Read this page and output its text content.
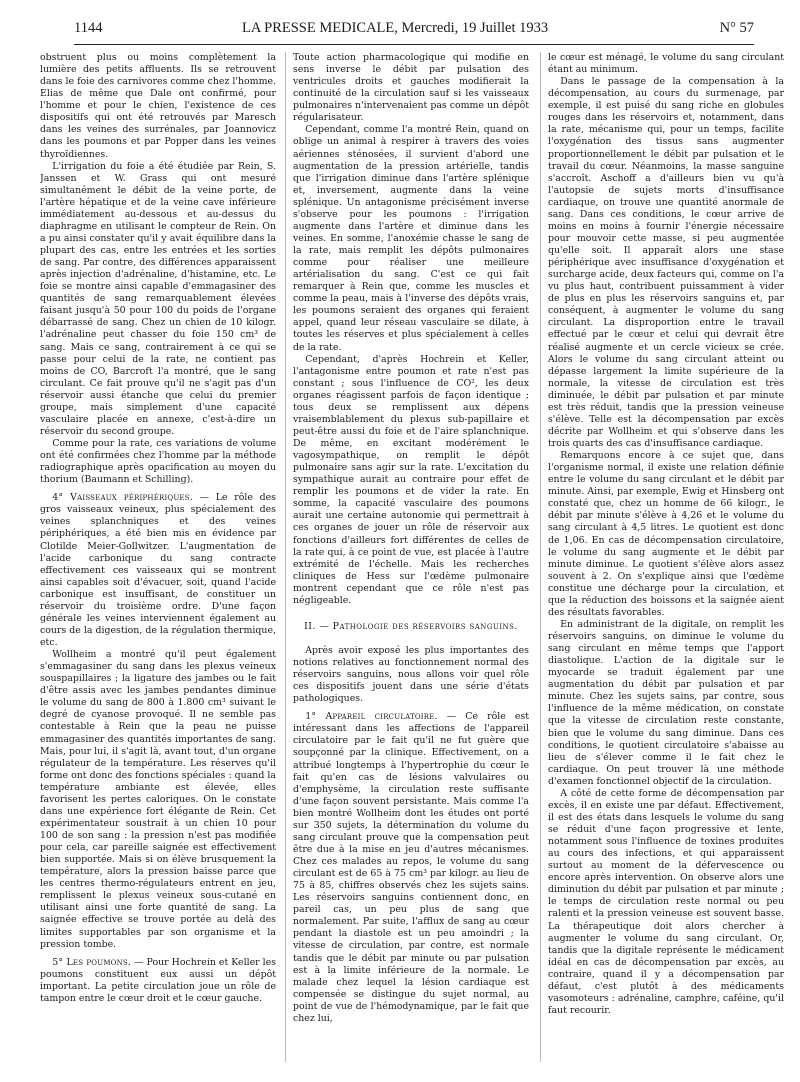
1144	LA PRESSE MEDICALE, Mercredi, 19 Juillet 1933	N° 57

obstruent plus ou moins complètement la lumière des petits affluents. Ils se retrouvent dans le foie des carnivores comme chez l'homme. Elias de même que Dale ont confirmé, pour l'homme et pour le chien, l'existence de ces dispositifs qui ont été retrouvés par Maresch dans les veines des surrénales, par Joannovicz dans les poumons et par Popper dans les veines thyroïdiennes.

L'irrigation du foie a été étudiée par Rein, S. Janssen et W. Grass qui ont mesuré simultanément le débit de la veine porte, de l'artère hépatique et de la veine cave inférieure immédiatement au-dessous et au-dessus du diaphragme en utilisant le compteur de Rein. On a pu ainsi constater qu'il y avait équilibre dans la plupart des cas, entre les entrées et les sorties de sang. Par contre, des différences apparaissent après injection d'adrénaline, d'histamine, etc. Le foie se montre ainsi capable d'emmagasiner des quantités de sang remarquablement élevées faisant jusqu'à 50 pour 100 du poids de l'organe débarrassé de sang. Chez un chien de 10 kilogr. l'adrénaline peut chasser du foie 150 cm³ de sang. Mais ce sang, contrairement à ce qui se passe pour celui de la rate, ne contient pas moins de CO, Barcroft l'a montré, que le sang circulant. Ce fait prouve qu'il ne s'agit pas d'un réservoir aussi étanche que celui du premier groupe, mais simplement d'une capacité vasculaire placée en annexe, c'est-à-dire un réservoir du second groupe.

Comme pour la rate, ces variations de volume ont été confirmées chez l'homme par la méthode radiographique après opacification au moyen du thorium (Baumann et Schilling).

4° Vaisseaux périphériques. — Le rôle des gros vaisseaux veineux, plus spécialement des veines splanchniques et des veines périphériques, a été bien mis en évidence par Clotilde Meier-Gollwitzer. L'augmentation de l'acide carbonique du sang contracte effectivement ces vaisseaux qui se montrent ainsi capables soit d'évacuer, soit, quand l'acide carbonique est insuffisant, de constituer un réservoir du troisième ordre. D'une façon générale les veines interviennent également au cours de la digestion, de la régulation thermique, etc.

Wollheim a montré qu'il peut également s'emmagasiner du sang dans les plexus veineux souspapillaires ; la ligature des jambes ou le fait d'être assis avec les jambes pendantes diminue le volume du sang de 800 à 1.800 cm³ suivant le degré de cyanose provoqué. Il ne semble pas contestable à Rein que la peau ne puisse emmagasiner des quantités importantes de sang. Mais, pour lui, il s'agit là, avant tout, d'un organe régulateur de la température. Les réserves qu'il forme ont donc des fonctions spéciales : quand la température ambiante est élevée, elles favorisent les pertes caloriques. On le constate dans une expérience fort élégante de Rein. Cet expérimentateur soustrait à un chien 10 pour 100 de son sang : la pression n'est pas modifiée pour cela, car pareille saignée est effectivement bien supportée. Mais si on élève brusquement la température, alors la pression baisse parce que les centres thermo-régulateurs entrent en jeu, remplissent le plexus veineux sous-cutané en utilisant ainsi une forte quantité de sang. La saignée effective se trouve portée au delà des limites supportables par son organisme et la pression tombe.

5° Les poumons. — Pour Hochrein et Keller les poumons constituent eux aussi un dépôt important. La petite circulation joue un rôle de tampon entre le cœur droit et le cœur gauche.

Toute action pharmacologique qui modifie en sens inverse le débit par pulsation des ventricules droits et gauches modifierait la continuité de la circulation sauf si les vaisseaux pulmonaires n'intervenaient pas comme un dépôt régularisateur.

Cependant, comme l'a montré Rein, quand on oblige un animal à respirer à travers des voies aériennes sténosées, il survient d'abord une augmentation de la pression artérielle, tandis que l'irrigation diminue dans l'artère splénique et, inversement, augmente dans la veine splénique. Un antagonisme précisément inverse s'observe pour les poumons : l'irrigation augmente dans l'artère et diminue dans les veines. En somme, l'anoxémie chasse le sang de la rate, mais remplit les dépôts pulmonaires comme pour réaliser une meilleure artérialisation du sang. C'est ce qui fait remarquer à Rein que, comme les muscles et comme la peau, mais à l'inverse des dépôts vrais, les poumons seraient des organes qui feraient appel, quand leur réseau vasculaire se dilate, à toutes les réserves et plus spécialement à celles de la rate.

Cependant, d'après Hochrein et Keller, l'antagonisme entre poumon et rate n'est pas constant ; sous l'influence de CO², les deux organes réagissent parfois de façon identique ; tous deux se remplissent aux dépens vraisemblablement du plexus sub-papillaire et peut-être aussi du foie et de l'aire splanchnique. De même, en excitant modérément le vagosympathique, on remplit le dépôt pulmonaire sans agir sur la rate. L'excitation du sympathique aurait au contraire pour effet de remplir les poumons et de vider la rate. En somme, la capacité vasculaire des poumons aurait une certaine autonomie qui permettrait à ces organes de jouer un rôle de réservoir aux fonctions d'ailleurs fort différentes de celles de la rate qui, à ce point de vue, est placée à l'autre extrémité de l'échelle. Mais les recherches cliniques de Hess sur l'œdème pulmonaire montrent cependant que ce rôle n'est pas négligeable.

II. — Pathologie des réservoirs sanguins.

Après avoir exposé les plus importantes des notions relatives au fonctionnement normal des réservoirs sanguins, nous allons voir quel rôle ces dispositifs jouent dans une série d'états pathologiques.

1° Appareil circulatoire. — Ce rôle est intéressant dans les affections de l'appareil circulatoire par le fait qu'il ne fut guère que soupçonné par la clinique. Effectivement, on a attribué longtemps à l'hypertrophie du cœur le fait qu'en cas de lésions valvulaires ou d'emphysème, la circulation reste suffisante d'une façon souvent persistante. Mais comme l'a bien montré Wollheim dont les études ont porté sur 350 sujets, la détermination du volume du sang circulant prouve que la compensation peut être due à la mise en jeu d'autres mécanismes. Chez ces malades au repos, le volume du sang circulant est de 65 à 75 cm³ par kilogr. au lieu de 75 à 85, chiffres observés chez les sujets sains. Les réservoirs sanguins contiennent donc, en pareil cas, un peu plus de sang que normalement. Par suite, l'afflux de sang au cœur pendant la diastole est un peu amoindri ; la vitesse de circulation, par contre, est normale tandis que le débit par minute ou par pulsation est à la limite inférieure de la normale. Le malade chez lequel la lésion cardiaque est compensée se distingue du sujet normal, au point de vue de l'hémodynamique, par le fait que chez lui,

le cœur est ménagé, le volume du sang circulant étant au minimum.

Dans le passage de la compensation à la décompensation, au cours du surmenage, par exemple, il est puisé du sang riche en globules rouges dans les réservoirs et, notamment, dans la rate, mécanisme qui, pour un temps, facilite l'oxygénation des tissus sans augmenter proportionnellement le débit par pulsation et le travail du cœur. Néanmoins, la masse sanguine s'accroît. Aschoff a d'ailleurs bien vu qu'à l'autopsie de sujets morts d'insuffisance cardiaque, on trouve une quantité anormale de sang. Dans ces conditions, le cœur arrive de moins en moins à fournir l'énergie nécessaire pour mouvoir cette masse, si peu augmentée qu'elle soit. Il apparaît alors une stase périphérique avec insuffisance d'oxygénation et surcharge acide, deux facteurs qui, comme on l'a vu plus haut, contribuent puissamment à vider de plus en plus les réservoirs sanguins et, par conséquent, à augmenter le volume du sang circulant. La disproportion entre le travail effectué par le cœur et celui qui devrait être réalisé augmente et un cercle vicieux se crée. Alors le volume du sang circulant atteint ou dépasse largement la limite supérieure de la normale, la vitesse de circulation est très diminuée, le débit par pulsation et par minute est très réduit, tandis que la pression veineuse s'élève. Telle est la décompensation par excès décrite par Wollheim et qui s'observe dans les trois quarts des cas d'insuffisance cardiaque.

Remarquons encore à ce sujet que, dans l'organisme normal, il existe une relation définie entre le volume du sang circulant et le débit par minute. Ainsi, par exemple, Ewig et Hinsberg ont constaté que, chez un homme de 66 kilogr., le débit par minute s'élève à 4,26 et le volume du sang circulant à 4,5 litres. Le quotient est donc de 1,06. En cas de décompensation circulatoire, le volume du sang augmente et le débit par minute diminue. Le quotient s'élève alors assez souvent à 2. On s'explique ainsi que l'œdème constitue une décharge pour la circulation, et que la réduction des boissons et la saignée aient des résultats favorables.

En administrant de la digitale, on remplit les réservoirs sanguins, on diminue le volume du sang circulant en même temps que l'apport diastolique. L'action de la digitale sur le myocarde se traduit également par une augmentation du débit par pulsation et par minute. Chez les sujets sains, par contre, sous l'influence de la même médication, on constate que la vitesse de circulation reste constante, bien que le volume du sang diminue. Dans ces conditions, le quotient circulatoire s'abaisse au lieu de s'élever comme il le fait chez le cardiaque. On peut trouver là une méthode d'examen fonctionnel objectif de la circulation.

A côté de cette forme de décompensation par excès, il en existe une par défaut. Effectivement, il est des états dans lesquels le volume du sang se réduit d'une façon progressive et lente, notamment sous l'influence de toxines produites au cours des infections, et qui apparaissent surtout au moment de la défervescence ou encore après intervention. On observe alors une diminution du débit par pulsation et par minute ; le temps de circulation reste normal ou peu ralenti et la pression veineuse est souvent basse. La thérapeutique doit alors chercher à augmenter le volume du sang circulant. Or, tandis que la digitale représente le médicament idéal en cas de décompensation par excès, au contraire, quand il y a décompensation par défaut, c'est plutôt à des médicaments vasomoteurs : adrénaline, camphre, caféine, qu'il faut recourir.
